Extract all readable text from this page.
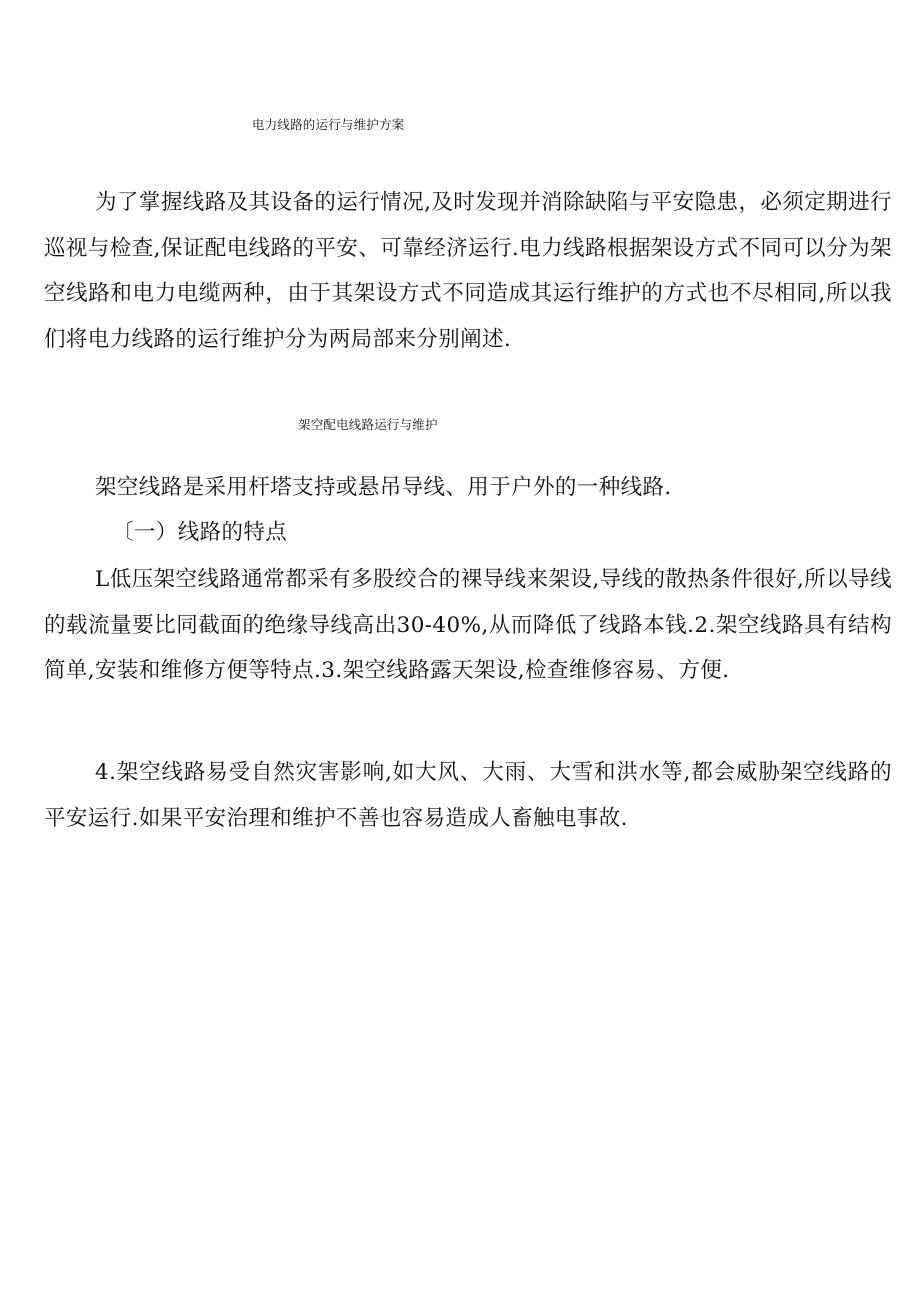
电力线路的运行与维护方案

为了掌握线路及其设备的运行情况,及时发现并消除缺陷与平安隐患，必须定期进行巡视与检查,保证配电线路的平安、可靠经济运行.电力线路根据架设方式不同可以分为架空线路和电力电缆两种，由于其架设方式不同造成其运行维护的方式也不尽相同,所以我们将电力线路的运行维护分为两局部来分别阐述.

架空配电线路运行与维护

架空线路是采用杆塔支持或悬吊导线、用于户外的一种线路.

〔一）线路的特点

L低压架空线路通常都采有多股绞合的裸导线来架设,导线的散热条件很好,所以导线的载流量要比同截面的绝缘导线高出30-40%,从而降低了线路本钱.2.架空线路具有结构简单,安装和维修方便等特点.3.架空线路露天架设,检查维修容易、方便.

4.架空线路易受自然灾害影响,如大风、大雨、大雪和洪水等,都会威胁架空线路的平安运行.如果平安治理和维护不善也容易造成人畜触电事故.
